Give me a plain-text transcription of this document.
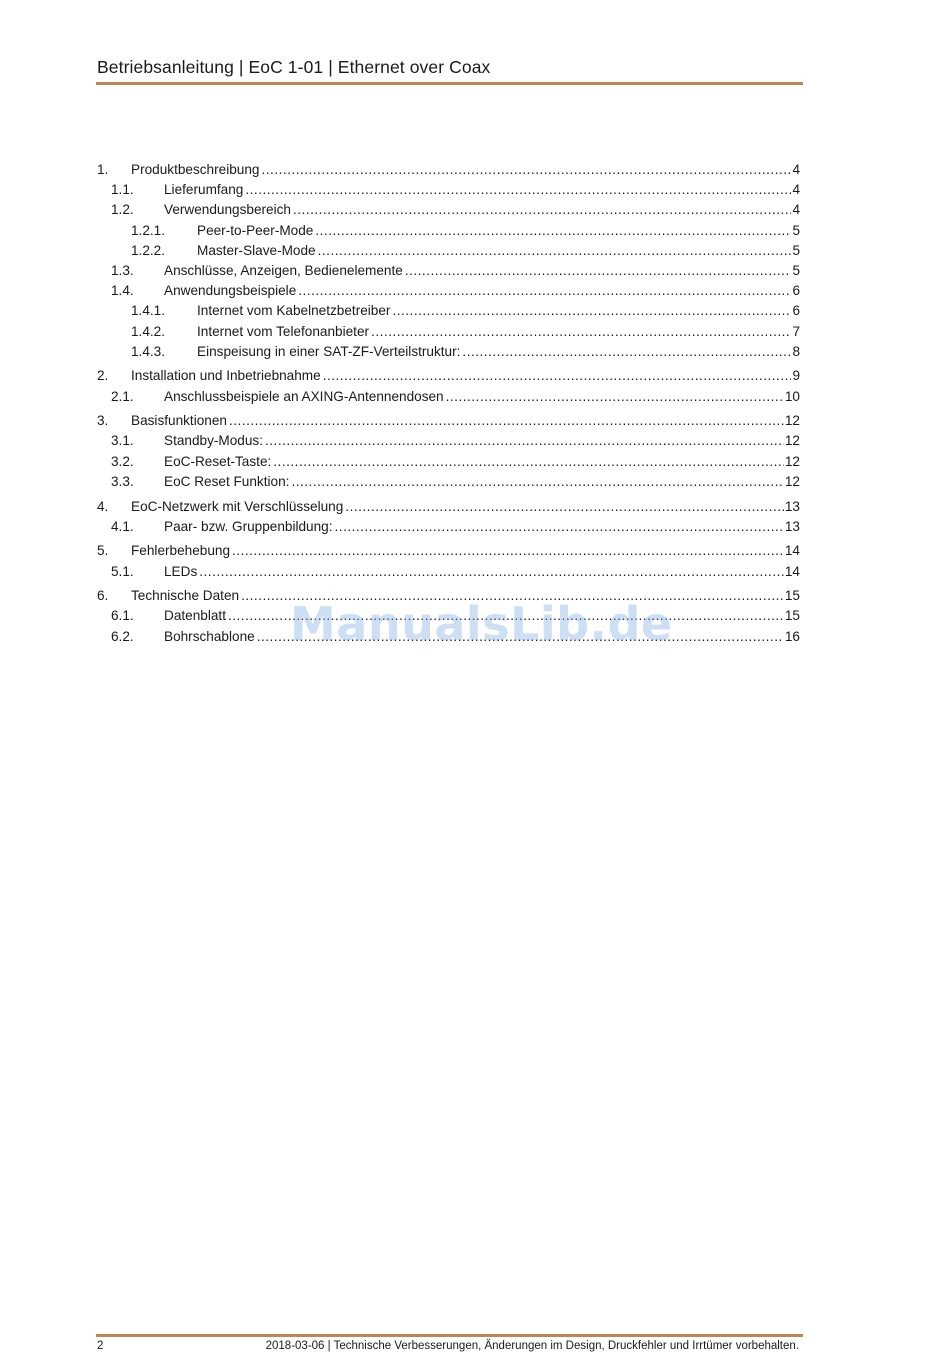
Betriebsanleitung | EoC 1-01 | Ethernet over Coax
1.	Produktbeschreibung .....	4
1.1.	Lieferumfang .....	4
1.2.	Verwendungsbereich .....	4
1.2.1.	Peer-to-Peer-Mode .....	5
1.2.2.	Master-Slave-Mode .....	5
1.3.	Anschlüsse, Anzeigen, Bedienelemente .....	5
1.4.	Anwendungsbeispiele .....	6
1.4.1.	Internet vom Kabelnetzbetreiber .....	6
1.4.2.	Internet vom Telefonanbieter .....	7
1.4.3.	Einspeisung in einer SAT-ZF-Verteilstruktur: .....	8
2.	Installation und Inbetriebnahme .....	9
2.1.	Anschlussbeispiele an AXING-Antennendosen .....	10
3.	Basisfunktionen .....	12
3.1.	Standby-Modus: .....	12
3.2.	EoC-Reset-Taste: .....	12
3.3.	EoC Reset Funktion: .....	12
4.	EoC-Netzwerk mit Verschlüsselung .....	13
4.1.	Paar- bzw. Gruppenbildung: .....	13
5.	Fehlerbehebung .....	14
5.1.	LEDs .....	14
6.	Technische Daten .....	15
6.1.	Datenblatt .....	15
6.2.	Bohrschablone .....	16
ManualsLib.de
2	2018-03-06 | Technische Verbesserungen, Änderungen im Design, Druckfehler und Irrtümer vorbehalten.
